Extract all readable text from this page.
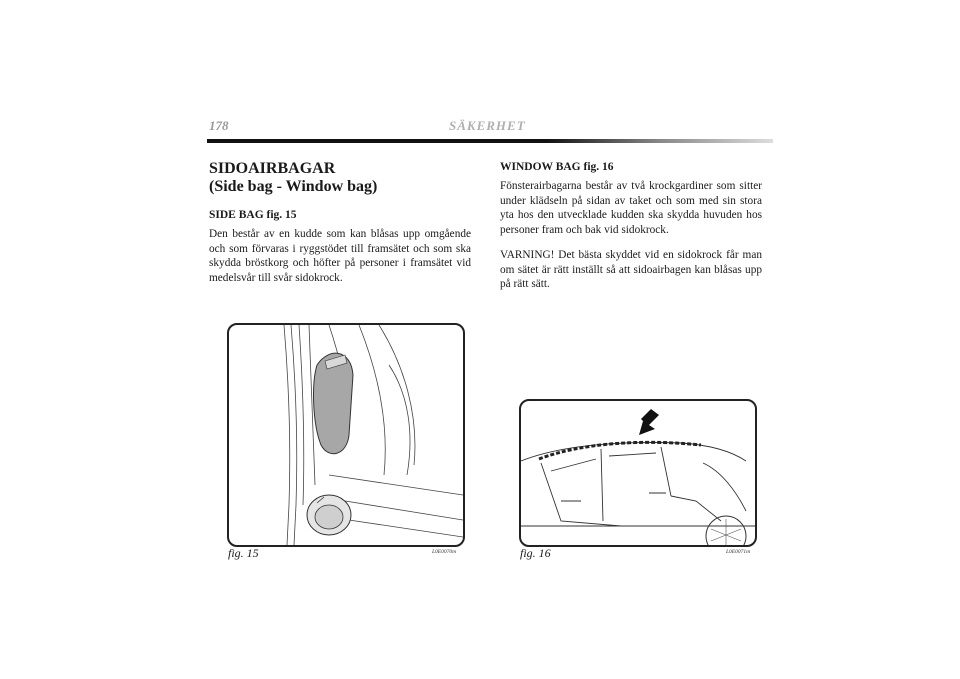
178	SÄKERHET
SIDOAIRBAGAR
(Side bag - Window bag)
SIDE BAG fig. 15

Den består av en kudde som kan blåsas upp omgående och som förvaras i ryggstödet till framsätet och som ska skydda bröstkorg och höfter på personer i framsätet vid medelsvår till svår sidokrock.

WINDOW BAG fig. 16

Fönsterairbagarna består av två krockgardiner som sitter under klädseln på sidan av taket och som med sin stora yta hos den utvecklade kudden ska skydda huvuden hos personer fram och bak vid sidokrock.

VARNING! Det bästa skyddet vid en sidokrock får man om sätet är rätt inställt så att sidoairbagen kan blåsas upp på rätt sätt.

fig. 15	L0E0070m	fig. 16	L0E0071m
